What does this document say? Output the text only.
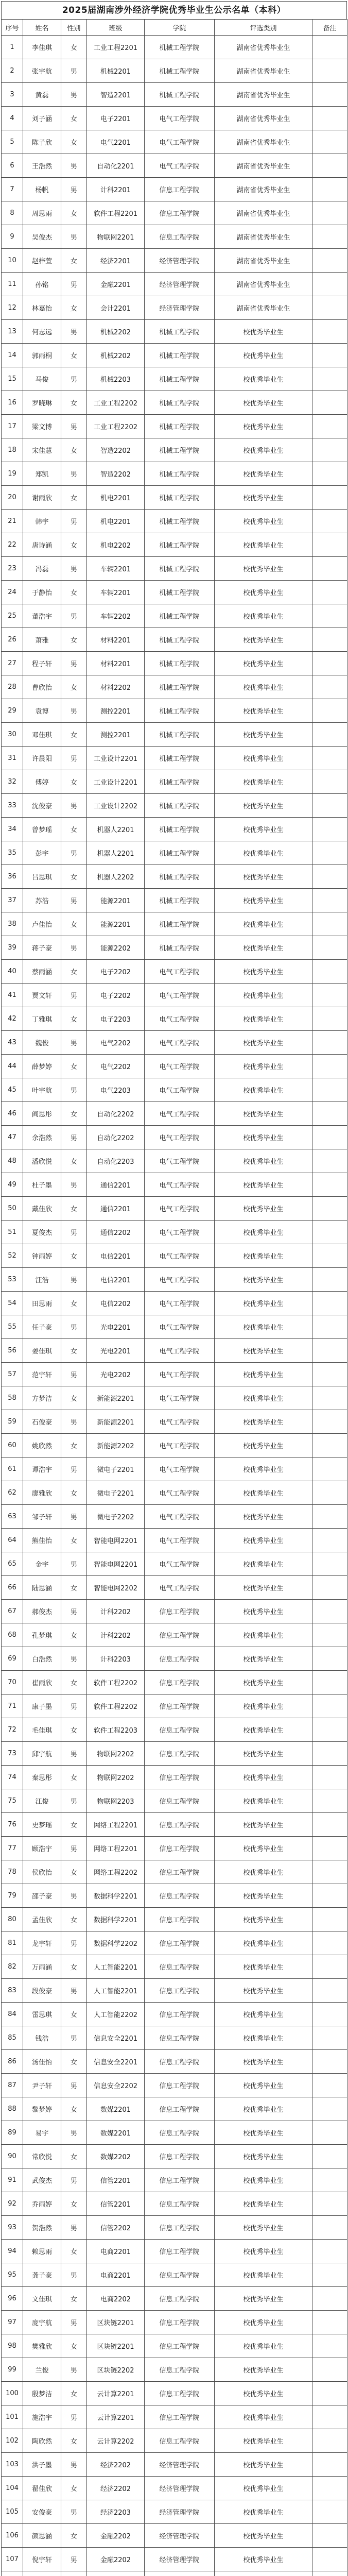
2025届湖南涉外经济学院优秀毕业生公示名单（本科）
序号	姓名	性别	班级	学院	评选类别	备注
1	李佳琪	女	工业工程2201	机械工程学院	湖南省优秀毕业生	
2	张宇航	男	机械2201	机械工程学院	湖南省优秀毕业生	
3	黄磊	男	智造2201	机械工程学院	湖南省优秀毕业生	
4	刘子涵	女	电子2201	电气工程学院	湖南省优秀毕业生	
5	陈子欣	女	电气2201	电气工程学院	湖南省优秀毕业生	
6	王浩然	男	自动化2201	电气工程学院	湖南省优秀毕业生	
7	杨帆	男	计科2201	信息工程学院	湖南省优秀毕业生	
8	周思雨	女	软件工程2201	信息工程学院	湖南省优秀毕业生	
9	吴俊杰	男	物联网2201	信息工程学院	湖南省优秀毕业生	
10	赵梓萱	女	经济2201	经济管理学院	湖南省优秀毕业生	
11	孙铭	男	金融2201	经济管理学院	湖南省优秀毕业生	
12	林嘉怡	女	会计2201	经济管理学院	湖南省优秀毕业生	
13	何志远	男	机械2202	机械工程学院	校优秀毕业生	
14	郭雨桐	女	机械2202	机械工程学院	校优秀毕业生	
15	马俊	男	机械2203	机械工程学院	校优秀毕业生	
16	罗晓琳	女	工业工程2202	机械工程学院	校优秀毕业生	
17	梁文博	男	工业工程2202	机械工程学院	校优秀毕业生	
18	宋佳慧	女	智造2202	机械工程学院	校优秀毕业生	
19	郑凯	男	智造2202	机械工程学院	校优秀毕业生	
20	谢雨欣	女	机电2201	机械工程学院	校优秀毕业生	
21	韩宇	男	机电2201	机械工程学院	校优秀毕业生	
22	唐诗涵	女	机电2202	机械工程学院	校优秀毕业生	
23	冯磊	男	车辆2201	机械工程学院	校优秀毕业生	
24	于静怡	女	车辆2201	机械工程学院	校优秀毕业生	
25	董浩宇	男	车辆2202	机械工程学院	校优秀毕业生	
26	萧雅	女	材料2201	机械工程学院	校优秀毕业生	
27	程子轩	男	材料2201	机械工程学院	校优秀毕业生	
28	曹欣怡	女	材料2202	机械工程学院	校优秀毕业生	
29	袁博	男	测控2201	机械工程学院	校优秀毕业生	
30	邓佳琪	女	测控2201	机械工程学院	校优秀毕业生	
31	许晨阳	男	工业设计2201	机械工程学院	校优秀毕业生	
32	傅婷	女	工业设计2201	机械工程学院	校优秀毕业生	
33	沈俊豪	男	工业设计2202	机械工程学院	校优秀毕业生	
34	曾梦瑶	女	机器人2201	机械工程学院	校优秀毕业生	
35	彭宇	男	机器人2201	机械工程学院	校优秀毕业生	
36	吕思琪	女	机器人2202	机械工程学院	校优秀毕业生	
37	苏浩	男	能源2201	机械工程学院	校优秀毕业生	
38	卢佳怡	女	能源2201	机械工程学院	校优秀毕业生	
39	蒋子豪	男	能源2202	机械工程学院	校优秀毕业生	
40	蔡雨涵	女	电子2202	电气工程学院	校优秀毕业生	
41	贾文轩	男	电子2202	电气工程学院	校优秀毕业生	
42	丁雅琪	女	电子2203	电气工程学院	校优秀毕业生	
43	魏俊	男	电气2202	电气工程学院	校优秀毕业生	
44	薛梦婷	女	电气2202	电气工程学院	校优秀毕业生	
45	叶宇航	男	电气2203	电气工程学院	校优秀毕业生	
46	阎思彤	女	自动化2202	电气工程学院	校优秀毕业生	
47	余浩然	男	自动化2202	电气工程学院	校优秀毕业生	
48	潘欣悦	女	自动化2203	电气工程学院	校优秀毕业生	
49	杜子墨	男	通信2201	电气工程学院	校优秀毕业生	
50	戴佳欣	女	通信2201	电气工程学院	校优秀毕业生	
51	夏俊杰	男	通信2202	电气工程学院	校优秀毕业生	
52	钟雨婷	女	电信2201	电气工程学院	校优秀毕业生	
53	汪浩	男	电信2201	电气工程学院	校优秀毕业生	
54	田思雨	女	电信2202	电气工程学院	校优秀毕业生	
55	任子豪	男	光电2201	电气工程学院	校优秀毕业生	
56	姜佳琪	女	光电2201	电气工程学院	校优秀毕业生	
57	范宇轩	男	光电2202	电气工程学院	校优秀毕业生	
58	方梦洁	女	新能源2201	电气工程学院	校优秀毕业生	
59	石俊豪	男	新能源2201	电气工程学院	校优秀毕业生	
60	姚欣然	女	新能源2202	电气工程学院	校优秀毕业生	
61	谭浩宇	男	微电子2201	电气工程学院	校优秀毕业生	
62	廖雅欣	女	微电子2201	电气工程学院	校优秀毕业生	
63	邹子轩	男	微电子2202	电气工程学院	校优秀毕业生	
64	熊佳怡	女	智能电网2201	电气工程学院	校优秀毕业生	
65	金宇	男	智能电网2201	电气工程学院	校优秀毕业生	
66	陆思涵	女	智能电网2202	电气工程学院	校优秀毕业生	
67	郝俊杰	男	计科2202	信息工程学院	校优秀毕业生	
68	孔梦琪	女	计科2202	信息工程学院	校优秀毕业生	
69	白浩然	男	计科2203	信息工程学院	校优秀毕业生	
70	崔雨欣	女	软件工程2202	信息工程学院	校优秀毕业生	
71	康子墨	男	软件工程2202	信息工程学院	校优秀毕业生	
72	毛佳琪	女	软件工程2203	信息工程学院	校优秀毕业生	
73	邱宇航	男	物联网2202	信息工程学院	校优秀毕业生	
74	秦思彤	女	物联网2202	信息工程学院	校优秀毕业生	
75	江俊	男	物联网2203	信息工程学院	校优秀毕业生	
76	史梦瑶	女	网络工程2201	信息工程学院	校优秀毕业生	
77	顾浩宇	男	网络工程2201	信息工程学院	校优秀毕业生	
78	侯欣怡	女	网络工程2202	信息工程学院	校优秀毕业生	
79	邵子豪	男	数据科学2201	信息工程学院	校优秀毕业生	
80	孟佳欣	女	数据科学2201	信息工程学院	校优秀毕业生	
81	龙宇轩	男	数据科学2202	信息工程学院	校优秀毕业生	
82	万雨涵	女	人工智能2201	信息工程学院	校优秀毕业生	
83	段俊豪	男	人工智能2201	信息工程学院	校优秀毕业生	
84	雷思琪	女	人工智能2202	信息工程学院	校优秀毕业生	
85	钱浩	男	信息安全2201	信息工程学院	校优秀毕业生	
86	汤佳怡	女	信息安全2201	信息工程学院	校优秀毕业生	
87	尹子轩	男	信息安全2202	信息工程学院	校优秀毕业生	
88	黎梦婷	女	数媒2201	信息工程学院	校优秀毕业生	
89	易宇	男	数媒2201	信息工程学院	校优秀毕业生	
90	常欣悦	女	数媒2202	信息工程学院	校优秀毕业生	
91	武俊杰	男	信管2201	信息工程学院	校优秀毕业生	
92	乔雨婷	女	信管2201	信息工程学院	校优秀毕业生	
93	贺浩然	男	信管2202	信息工程学院	校优秀毕业生	
94	赖思雨	女	电商2201	信息工程学院	校优秀毕业生	
95	龚子豪	男	电商2201	信息工程学院	校优秀毕业生	
96	文佳琪	女	电商2202	信息工程学院	校优秀毕业生	
97	庞宇航	男	区块链2201	信息工程学院	校优秀毕业生	
98	樊雅欣	女	区块链2201	信息工程学院	校优秀毕业生	
99	兰俊	男	区块链2202	信息工程学院	校优秀毕业生	
100	殷梦洁	女	云计算2201	信息工程学院	校优秀毕业生	
101	施浩宇	男	云计算2201	信息工程学院	校优秀毕业生	
102	陶欣然	女	云计算2202	信息工程学院	校优秀毕业生	
103	洪子墨	男	经济2202	经济管理学院	校优秀毕业生	
104	翟佳欣	女	经济2202	经济管理学院	校优秀毕业生	
105	安俊豪	男	经济2203	经济管理学院	校优秀毕业生	
106	颜思涵	女	金融2202	经济管理学院	校优秀毕业生	
107	倪宇轩	男	金融2202	经济管理学院	校优秀毕业生	
